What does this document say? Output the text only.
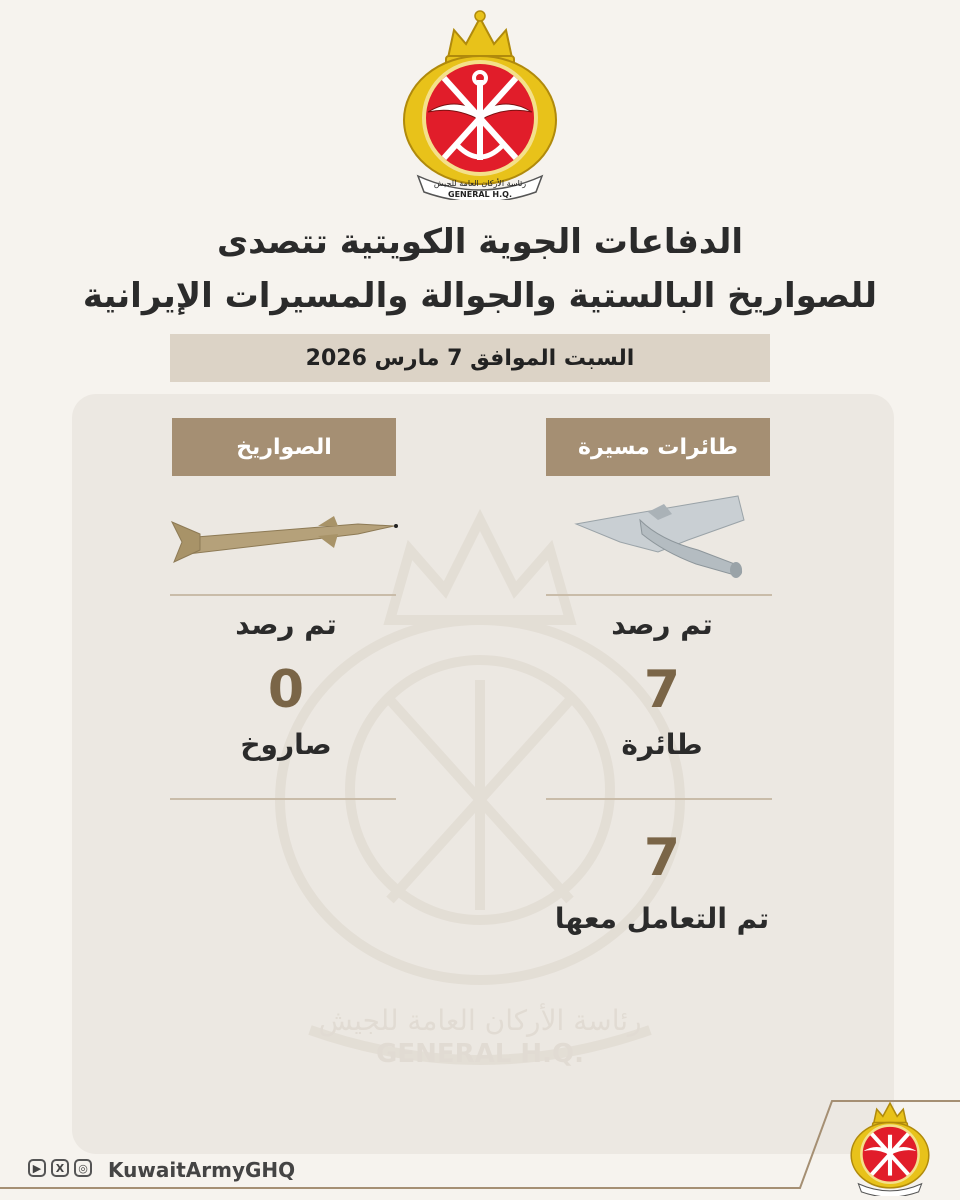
رئاسة الأركان العامة للجيش
GENERAL H.Q.
الدفاعات الجوية الكويتية تتصدى
للصواريخ البالستية والجوالة والمسيرات الإيرانية
السبت الموافق 7 مارس 2026
رئاسة الأركان العامة للجيش
GENERAL H.Q.
طائرات مسيرة
الصواريخ
تم رصد
7
طائرة
7
تم التعامل معها
تم رصد
0
صاروخ
▶	X	◎ KuwaitArmyGHQ
